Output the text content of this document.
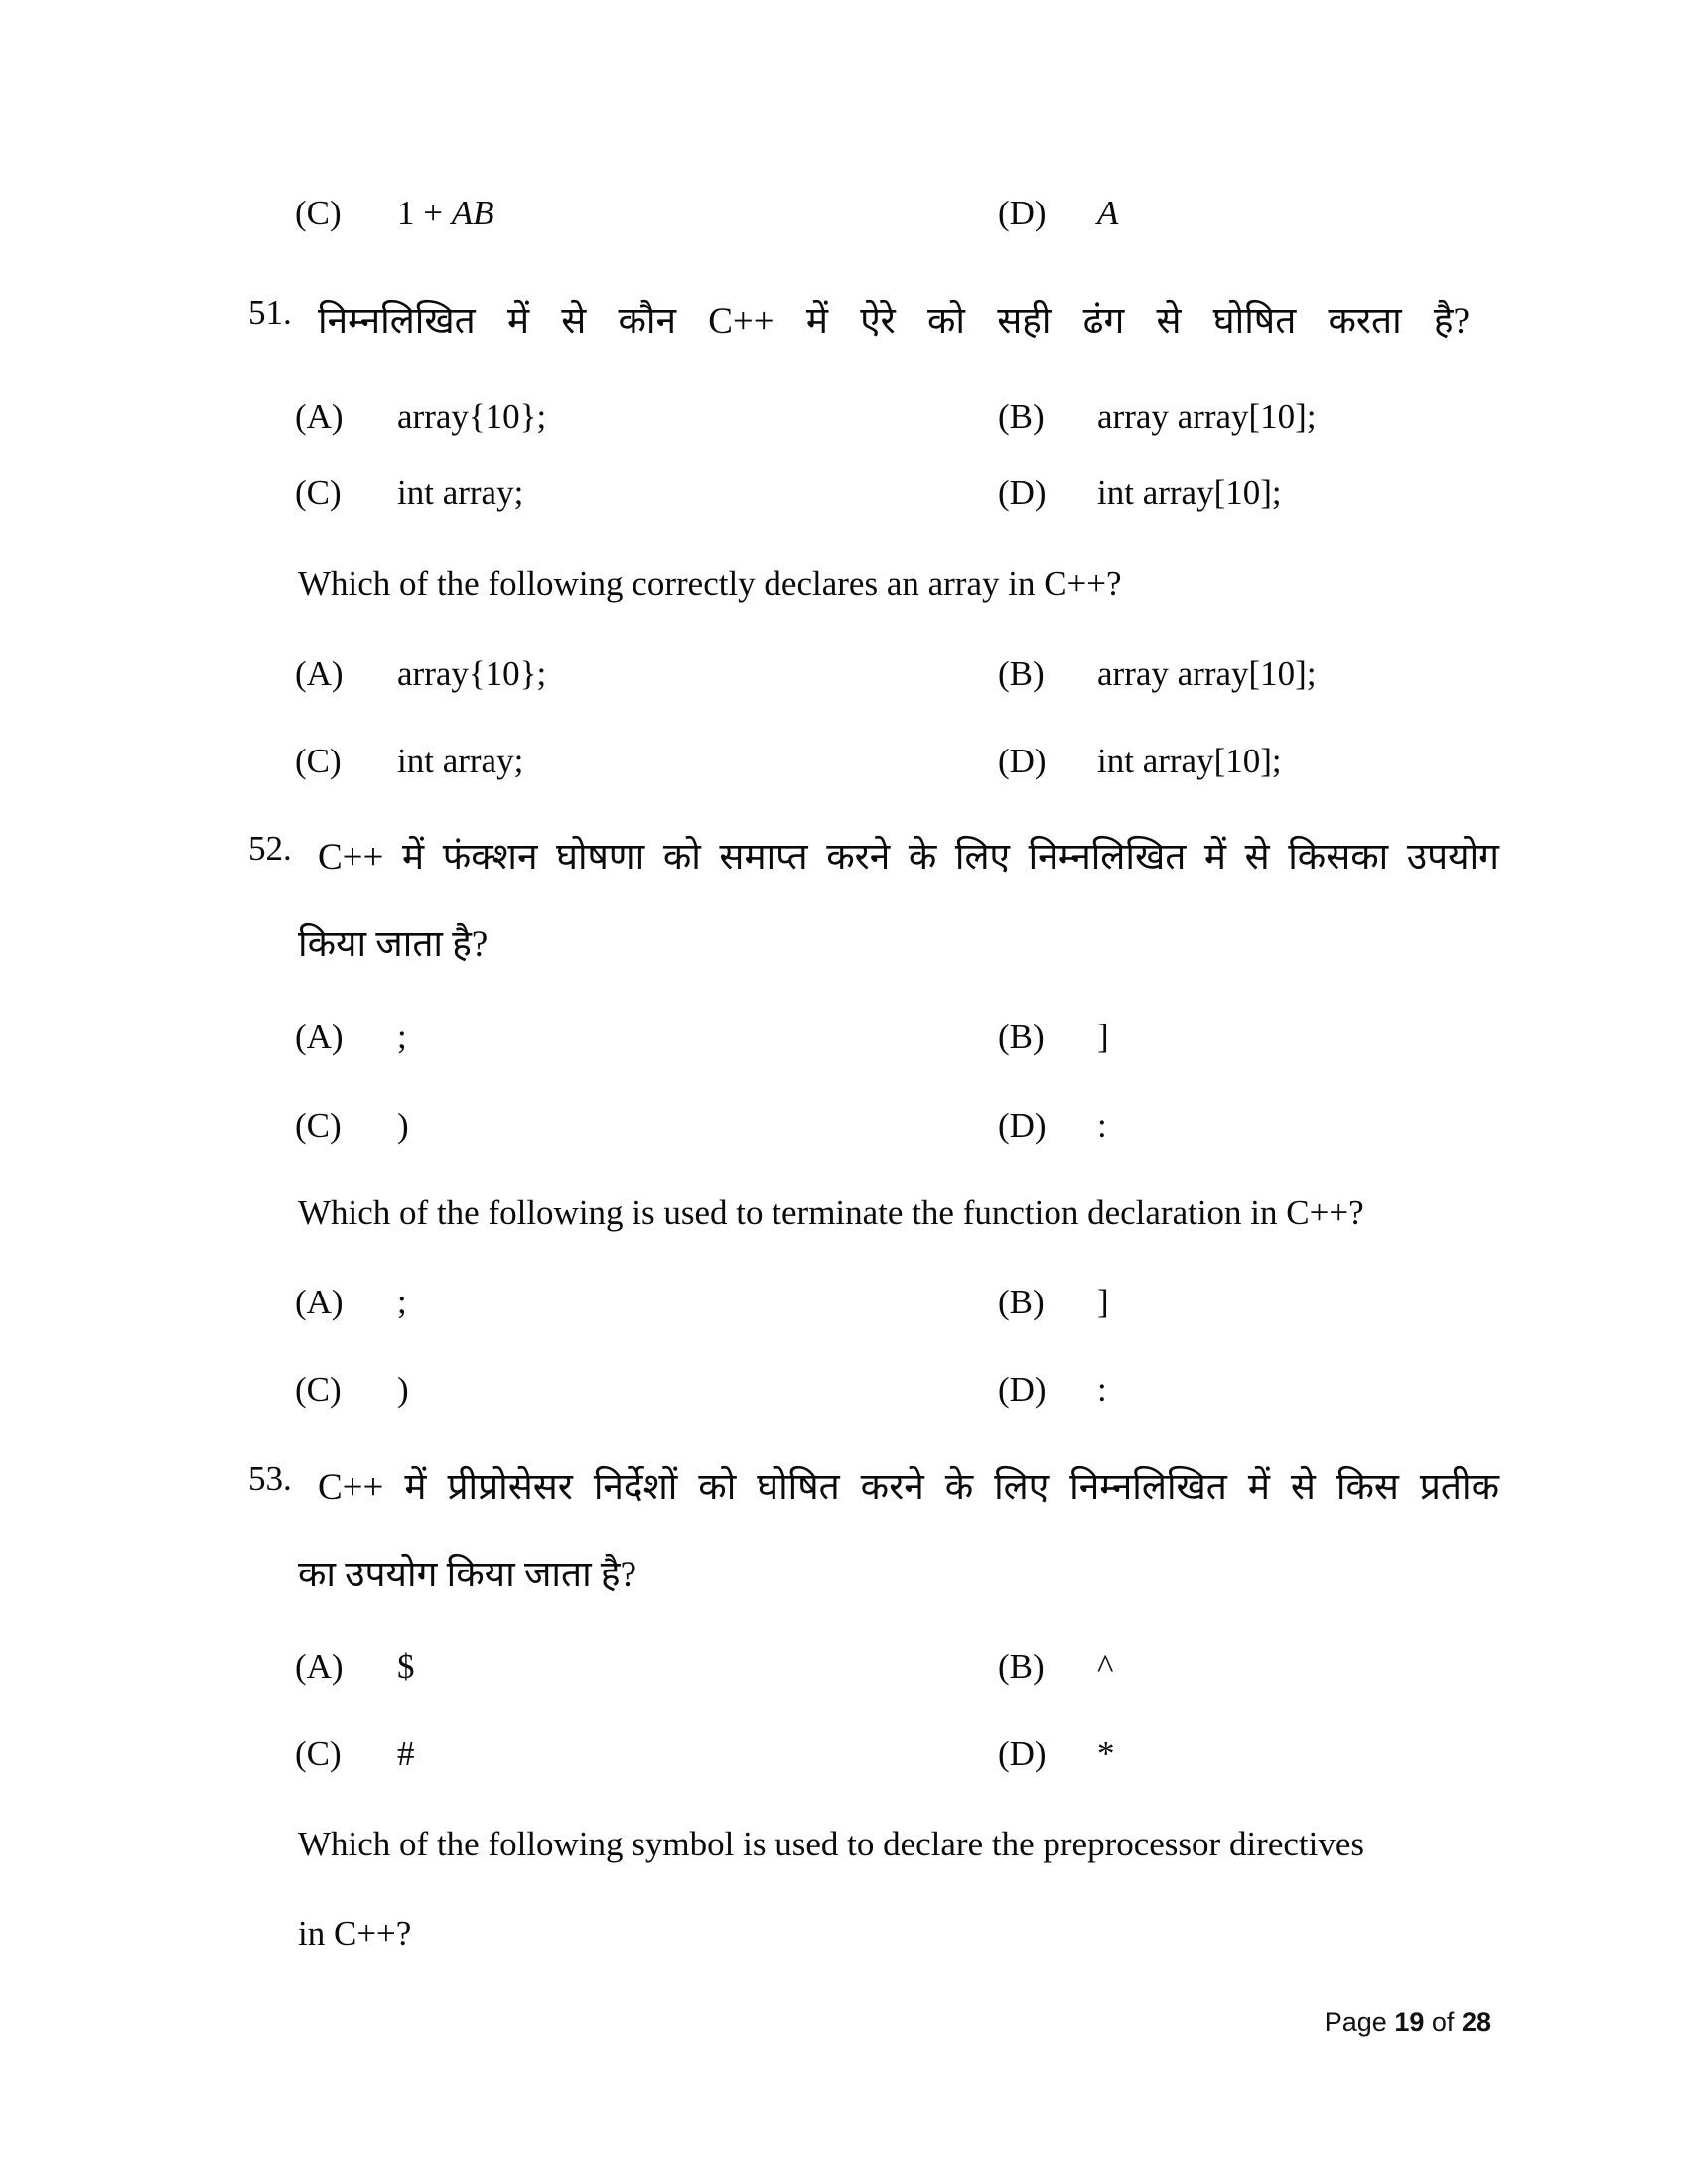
(C) 1 + AB	(D) A
51. निम्नलिखित में से कौन C++ में ऐरे को सही ढंग से घोषित करता है?
(A) array{10};	(B) array array[10];
(C) int array;	(D) int array[10];
Which of the following correctly declares an array in C++?
(A) array{10};	(B) array array[10];
(C) int array;	(D) int array[10];
52. C++ में फंक्शन घोषणा को समाप्त करने के लिए निम्नलिखित में से किसका उपयोग
किया जाता है?
(A) ;	(B) ]
(C) )	(D) :
Which of the following is used to terminate the function declaration in C++?
(A) ;	(B) ]
(C) )	(D) :
53. C++ में प्रीप्रोसेसर निर्देशों को घोषित करने के लिए निम्नलिखित में से किस प्रतीक
का उपयोग किया जाता है?
(A) $	(B) ^
(C) #	(D) *
Which of the following symbol is used to declare the preprocessor directives
in C++?
Page 19 of 28
